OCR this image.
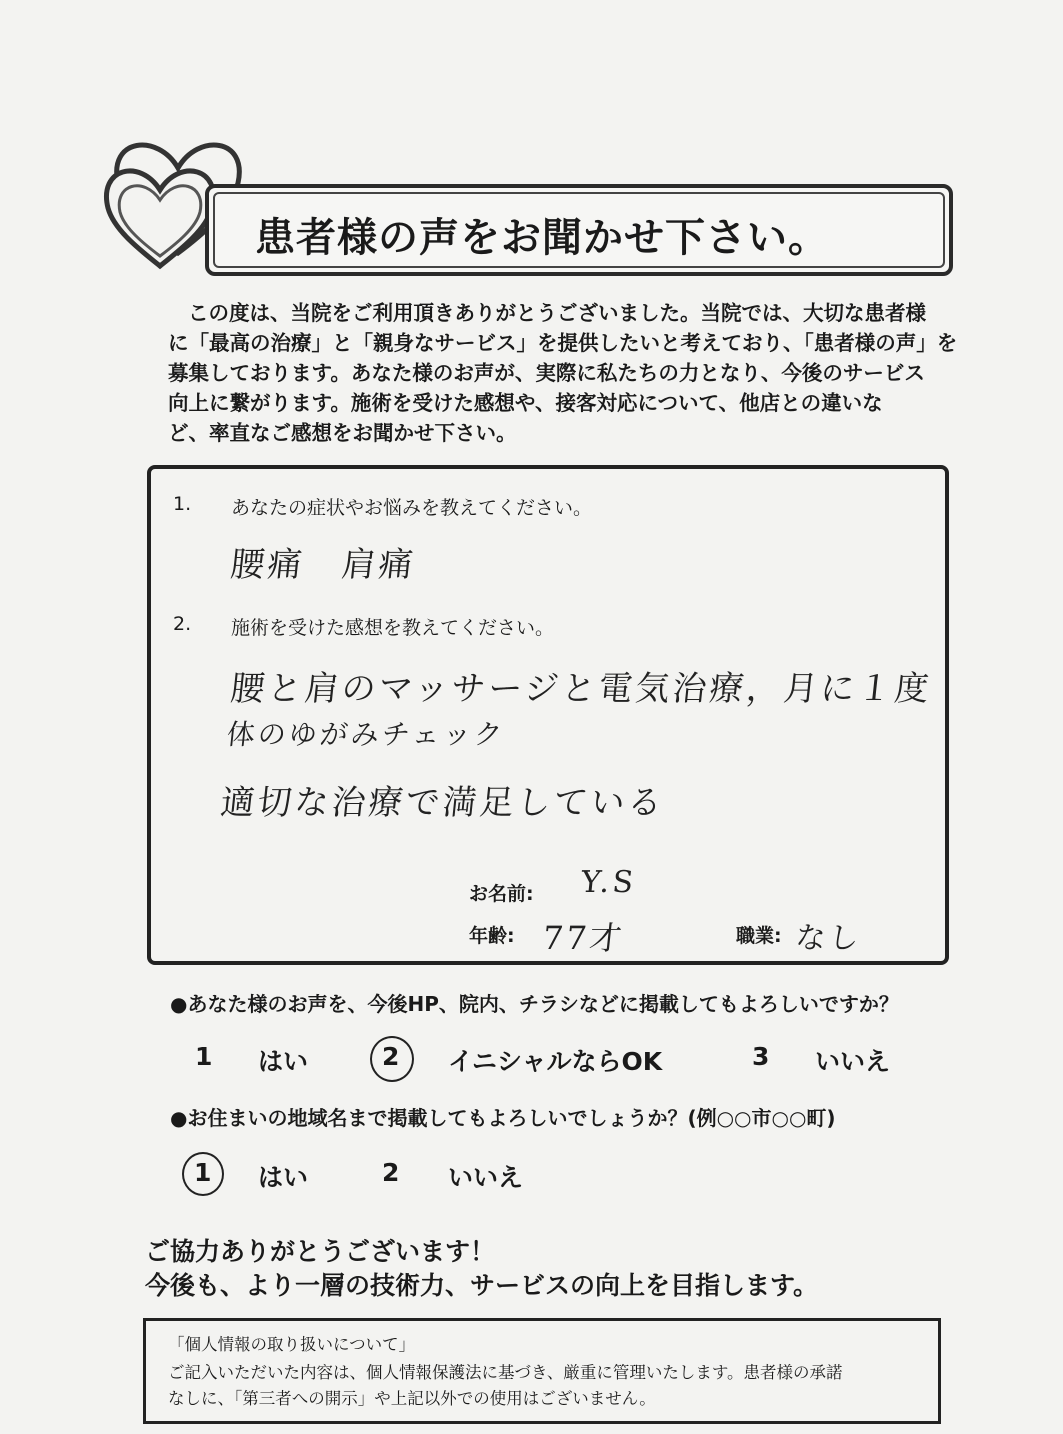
患者様の声をお聞かせ下さい。
この度は、当院をご利用頂きありがとうございました。当院では、大切な患者様
に「最高の治療」と「親身なサービス」を提供したいと考えており、「患者様の声」を
募集しております。あなた様のお声が、実際に私たちの力となり、今後のサービス
向上に繋がります。施術を受けた感想や、接客対応について、他店との違いな
ど、率直なご感想をお聞かせ下さい。
1. あなたの症状やお悩みを教えてください。
腰痛　肩痛
2. 施術を受けた感想を教えてください。
腰と肩のマッサージと電気治療，月に１度
体のゆがみチェック
適切な治療で満足している
お名前: Y.S
年齢: 77才	職業: なし
●あなた様のお声を、今後HP、院内、チラシなどに掲載してもよろしいですか？
1 はい	2 イニシャルならOK	3 いいえ
●お住まいの地域名まで掲載してもよろしいでしょうか？(例○○市○○町)
1 はい	2 いいえ
ご協力ありがとうございます！
今後も、より一層の技術力、サービスの向上を目指します。
「個人情報の取り扱いについて」
ご記入いただいた内容は、個人情報保護法に基づき、厳重に管理いたします。患者様の承諾
なしに、「第三者への開示」や上記以外での使用はございません。
